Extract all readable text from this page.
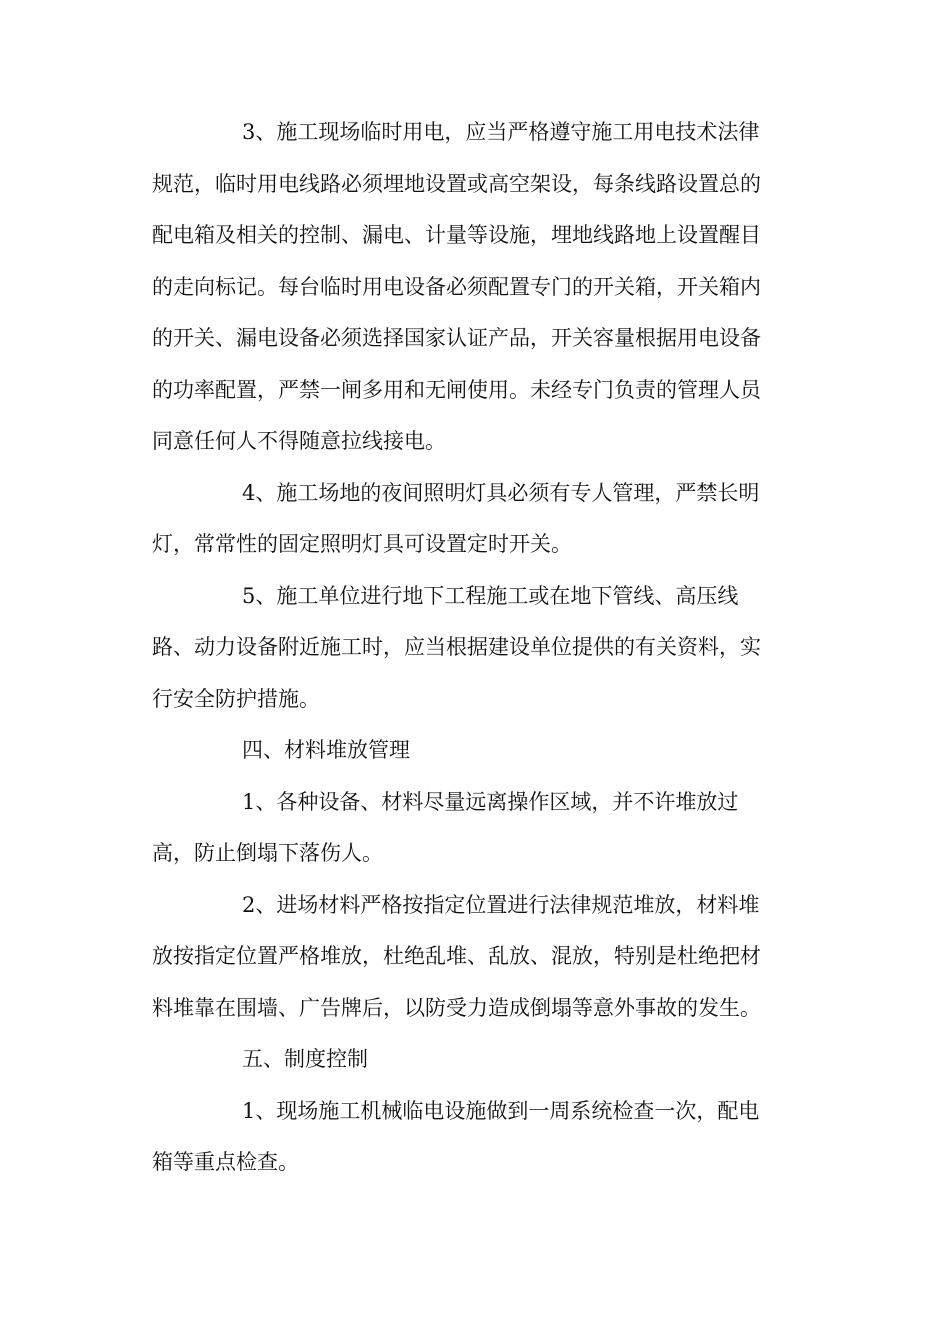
3、施工现场临时用电，应当严格遵守施工用电技术法律
规范，临时用电线路必须埋地设置或高空架设，每条线路设置总的
配电箱及相关的控制、漏电、计量等设施，埋地线路地上设置醒目
的走向标记。每台临时用电设备必须配置专门的开关箱，开关箱内
的开关、漏电设备必须选择国家认证产品，开关容量根据用电设备
的功率配置，严禁一闸多用和无闸使用。未经专门负责的管理人员
同意任何人不得随意拉线接电。
4、施工场地的夜间照明灯具必须有专人管理，严禁长明
灯，常常性的固定照明灯具可设置定时开关。
5、施工单位进行地下工程施工或在地下管线、高压线
路、动力设备附近施工时，应当根据建设单位提供的有关资料，实
行安全防护措施。
四、材料堆放管理
1、各种设备、材料尽量远离操作区域，并不许堆放过
高，防止倒塌下落伤人。
2、进场材料严格按指定位置进行法律规范堆放，材料堆
放按指定位置严格堆放，杜绝乱堆、乱放、混放，特别是杜绝把材
料堆靠在围墙、广告牌后，以防受力造成倒塌等意外事故的发生。
五、制度控制
1、现场施工机械临电设施做到一周系统检查一次，配电
箱等重点检查。
